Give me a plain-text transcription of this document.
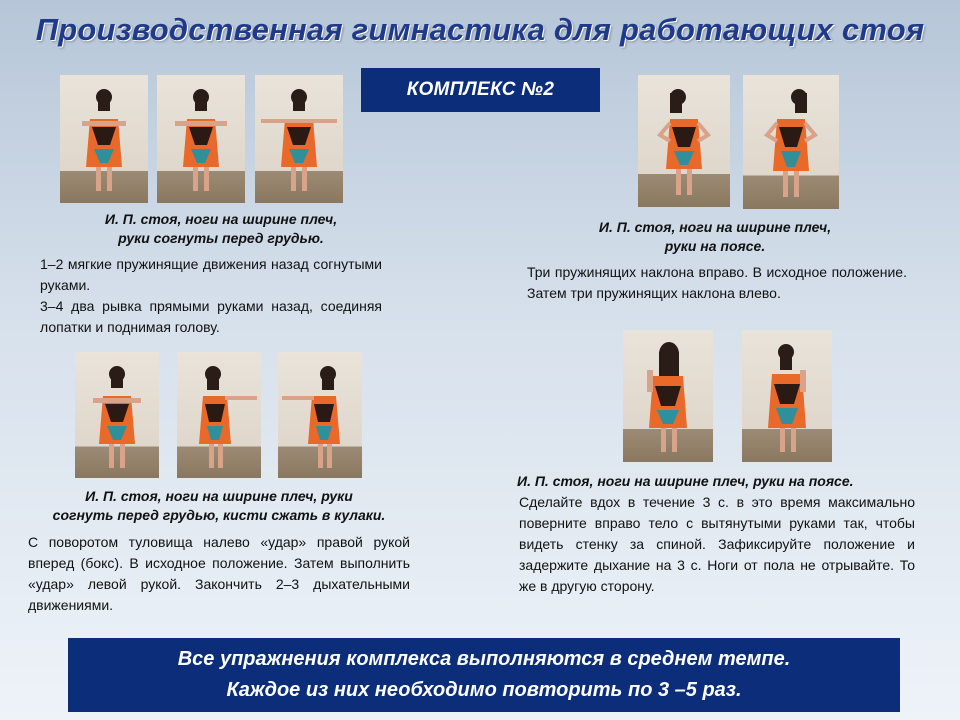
Производственная гимнастика для работающих стоя
КОМПЛЕКС №2
И. П. стоя, ноги на ширине плеч,
руки согнуты перед грудью.

1–2 мягкие пружинящие движения назад согнутыми руками.

3–4 два рывка прямыми руками назад, соединяя лопатки и поднимая голову.

И. П. стоя, ноги на ширине плеч,
руки на поясе.

Три пружинящих наклона вправо. В исходное положение. Затем три пружинящих наклона влево.

И. П. стоя, ноги на ширине плеч, руки
согнуть перед грудью, кисти сжать в кулаки.

С поворотом туловища налево «удар» правой рукой вперед (бокс). В исходное положение. Затем выполнить «удар» левой рукой. Закончить 2–3 дыхательными движениями.

И. П. стоя, ноги на ширине плеч, руки на поясе.

Сделайте вдох в течение 3 с. в это время максимально поверните вправо тело с вытянутыми руками так, чтобы видеть стенку за спиной. Зафиксируйте положение и задержите дыхание на 3 с. Ноги от пола не отрывайте. То же в другую сторону.

Все упражнения комплекса выполняются в среднем темпе.
Каждое из них необходимо повторить по 3 –5 раз.
